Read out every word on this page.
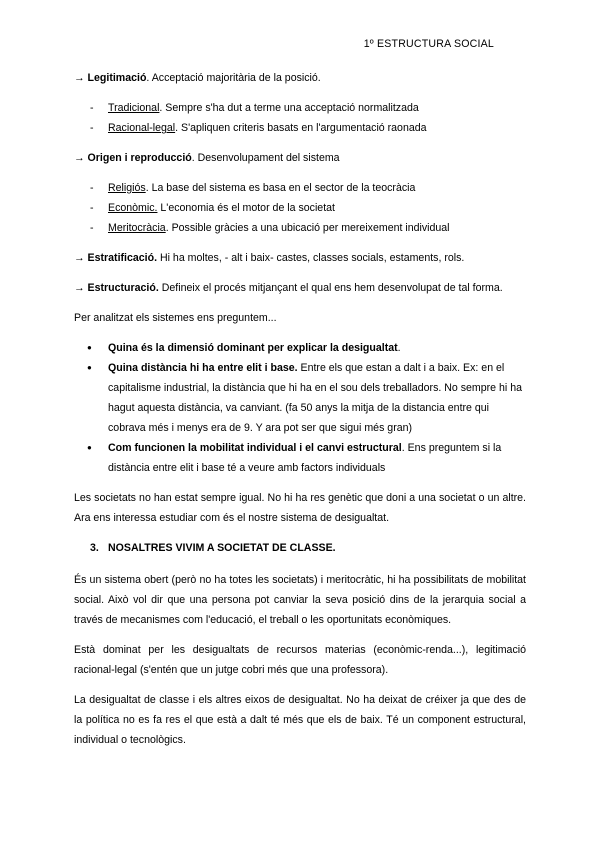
1º ESTRUCTURA SOCIAL

→ Legitimació. Acceptació majoritària de la posició.

- Tradicional. Sempre s'ha dut a terme una acceptació normalitzada
- Racional-legal. S'apliquen criteris basats en l'argumentació raonada

→ Origen i reproducció. Desenvolupament del sistema

- Religiós. La base del sistema es basa en el sector de la teocràcia
- Econòmic. L'economia és el motor de la societat
- Meritocràcia. Possible gràcies a una ubicació per mereixement individual

→ Estratificació. Hi ha moltes, - alt i baix- castes, classes socials, estaments, rols.

→ Estructuració. Defineix el procés mitjançant el qual ens hem desenvolupat de tal forma.

Per analitzat els sistemes ens preguntem...

● Quina és la dimensió dominant per explicar la desigualtat.
● Quina distància hi ha entre elit i base. Entre els que estan a dalt i a baix. Ex: en el capitalisme industrial, la distància que hi ha en el sou dels treballadors. No sempre hi ha hagut aquesta distància, va canviant. (fa 50 anys la mitja de la distancia entre qui cobrava més i menys era de 9. Y ara pot ser que sigui més gran)
● Com funcionen la mobilitat individual i el canvi estructural. Ens preguntem si la distància entre elit i base té a veure amb factors individuals

Les societats no han estat sempre igual. No hi ha res genètic que doni a una societat o un altre. Ara ens interessa estudiar com és el nostre sistema de desigualtat.

3. NOSALTRES VIVIM A SOCIETAT DE CLASSE.

És un sistema obert (però no ha totes les societats) i meritocràtic, hi ha possibilitats de mobilitat social. Això vol dir que una persona pot canviar la seva posició dins de la jerarquia social a través de mecanismes com l'educació, el treball o les oportunitats econòmiques.

Està dominat per les desigualtats de recursos materias (econòmic-renda...), legitimació racional-legal (s'entén que un jutge cobri més que una professora).

La desigualtat de classe i els altres eixos de desigualtat. No ha deixat de créixer ja que des de la política no es fa res el que està a dalt té més que els de baix. Té un component estructural, individual o tecnològics.
